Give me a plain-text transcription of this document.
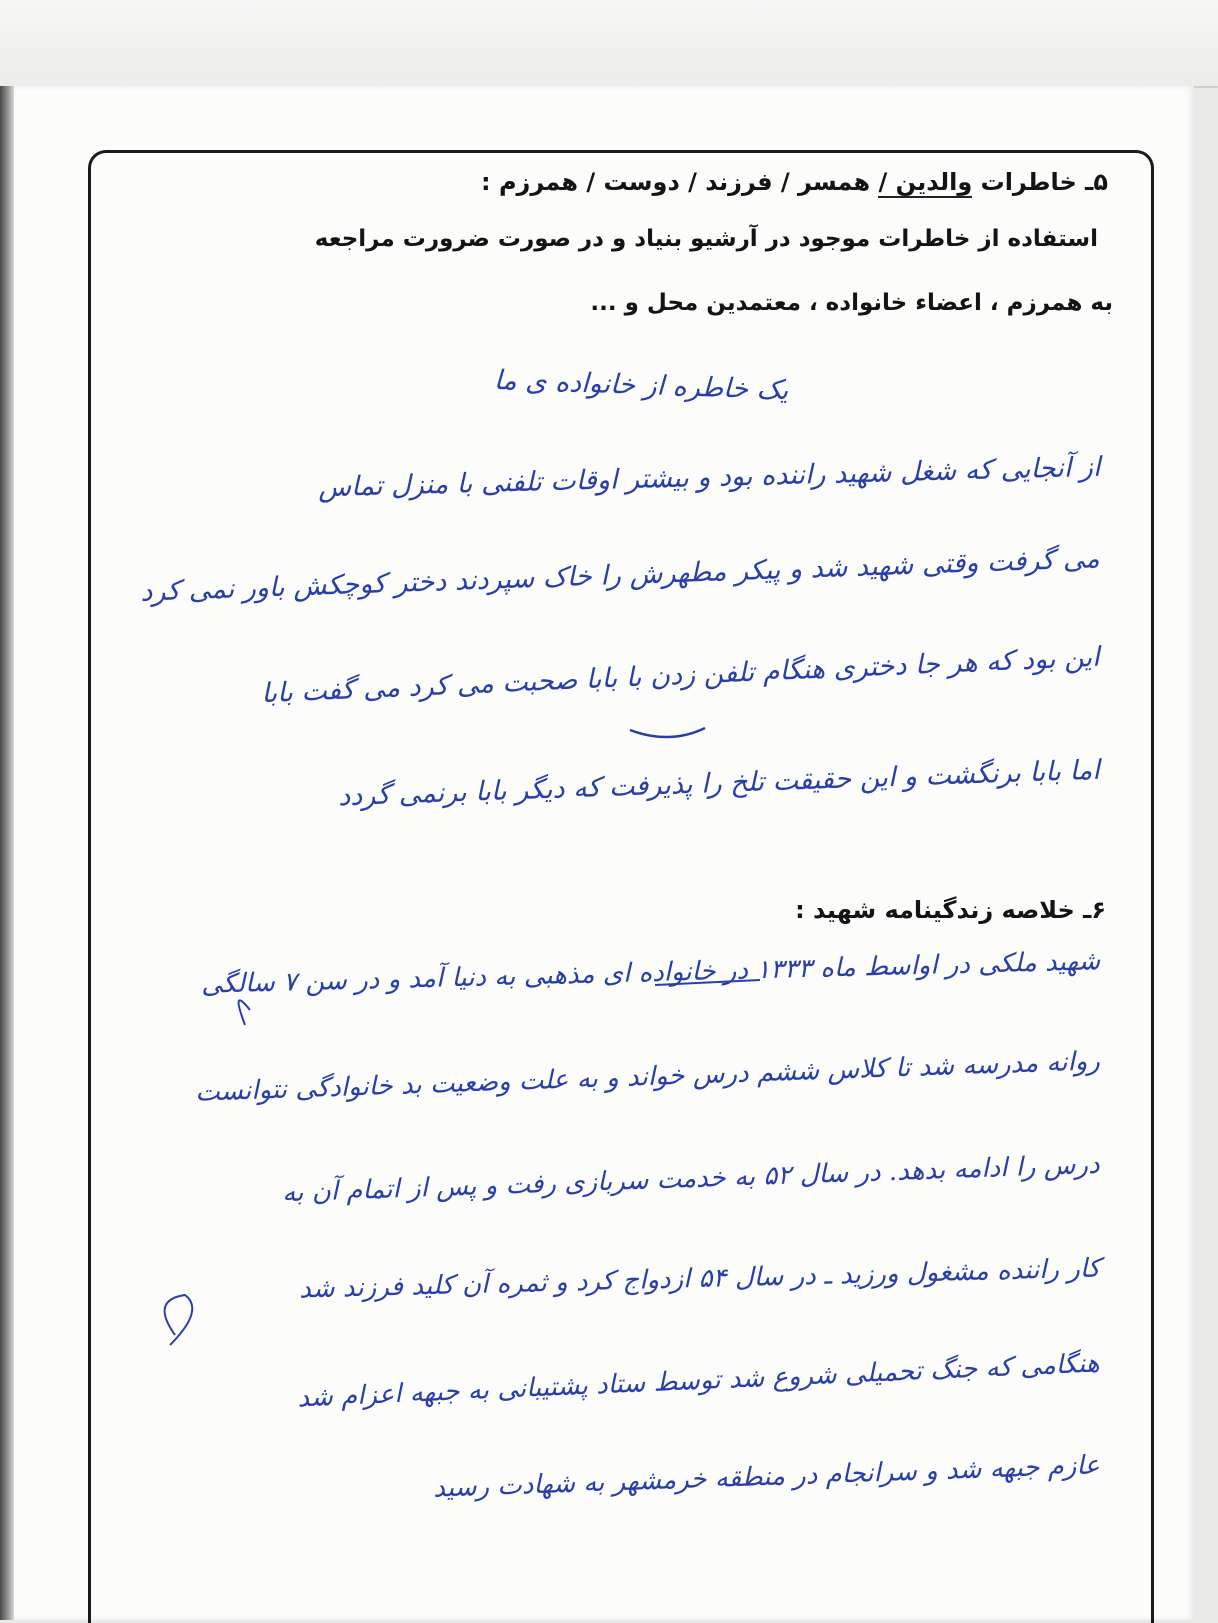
۵ـ خاطرات والدین / همسر / فرزند / دوست / همرزم :
استفاده از خاطرات موجود در آرشیو بنیاد و در صورت ضرورت مراجعه
به همرزم ، اعضاء خانواده ، معتمدین محل و ...
یک خاطره از خانواده ی ما
از آنجایی که شغل شهید راننده بود و بیشتر اوقات تلفنی با منزل تماس
می گرفت وقتی شهید شد و پیکر مطهرش را خاک سپردند دختر کوچکش باور نمی کرد
این بود که هر جا دختری هنگام تلفن زدن با بابا صحبت می کرد می گفت بابا
اما بابا برنگشت و این حقیقت تلخ را پذیرفت که دیگر بابا برنمی گردد
۶ـ خلاصه زندگینامه شهید :
شهید ملکی در اواسط ماه ۱۳۳۳ در خانواده ای مذهبی به دنیا آمد و در سن ۷ سالگی
روانه مدرسه شد تا کلاس ششم درس خواند و به علت وضعیت بد خانوادگی نتوانست
درس را ادامه بدهد. در سال ۵۲ به خدمت سربازی رفت و پس از اتمام آن به
کار راننده مشغول ورزید ـ در سال ۵۴ ازدواج کرد و ثمره آن کلید فرزند شد
هنگامی که جنگ تحمیلی شروع شد توسط ستاد پشتیبانی به جبهه اعزام شد
عازم جبهه شد و سرانجام در منطقه خرمشهر به شهادت رسید
